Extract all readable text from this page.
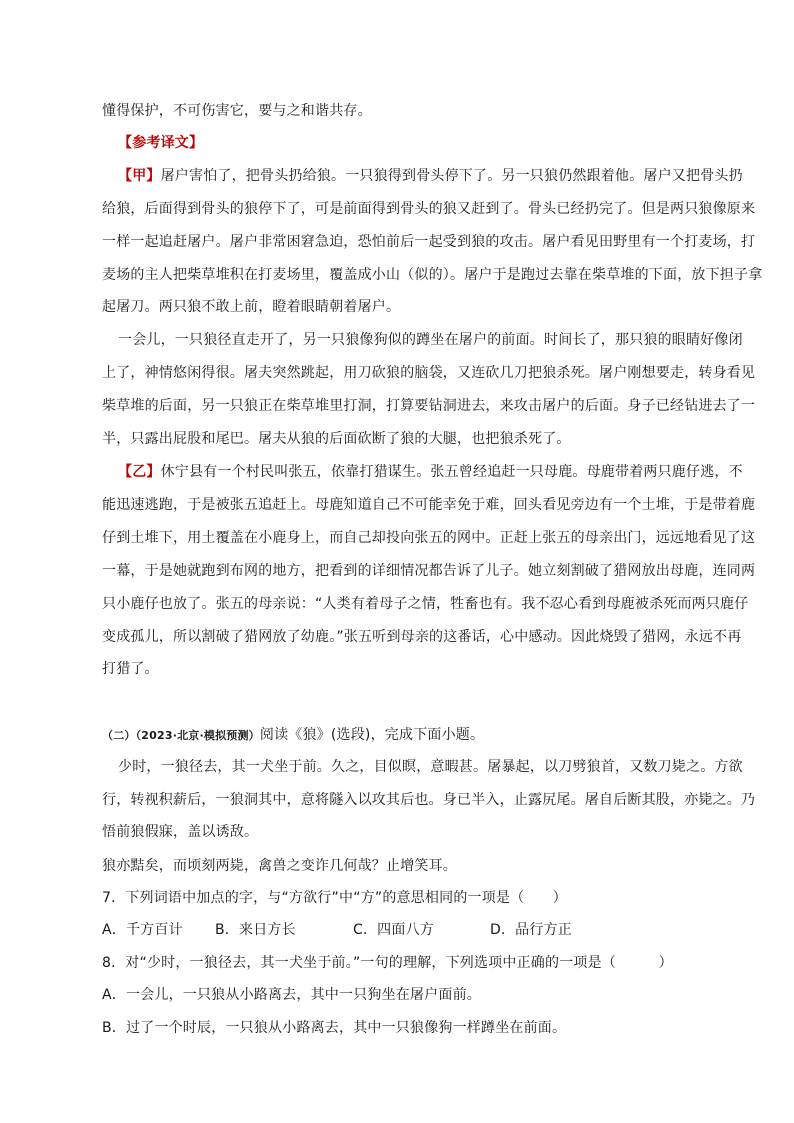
懂得保护，不可伤害它，要与之和谐共存。
【参考译文】
【甲】屠户害怕了，把骨头扔给狼。一只狼得到骨头停下了。另一只狼仍然跟着他。屠户又把骨头扔
给狼，后面得到骨头的狼停下了，可是前面得到骨头的狼又赶到了。骨头已经扔完了。但是两只狼像原来
一样一起追赶屠户。屠户非常困窘急迫，恐怕前后一起受到狼的攻击。屠户看见田野里有一个打麦场，打
麦场的主人把柴草堆积在打麦场里，覆盖成小山（似的）。屠户于是跑过去靠在柴草堆的下面，放下担子拿
起屠刀。两只狼不敢上前，瞪着眼睛朝着屠户。
一会儿，一只狼径直走开了，另一只狼像狗似的蹲坐在屠户的前面。时间长了，那只狼的眼睛好像闭
上了，神情悠闲得很。屠夫突然跳起，用刀砍狼的脑袋，又连砍几刀把狼杀死。屠户刚想要走，转身看见
柴草堆的后面，另一只狼正在柴草堆里打洞，打算要钻洞进去，来攻击屠户的后面。身子已经钻进去了一
半，只露出屁股和尾巴。屠夫从狼的后面砍断了狼的大腿，也把狼杀死了。
【乙】休宁县有一个村民叫张五，依靠打猎谋生。张五曾经追赶一只母鹿。母鹿带着两只鹿仔逃，不
能迅速逃跑，于是被张五追赶上。母鹿知道自己不可能幸免于难，回头看见旁边有一个土堆，于是带着鹿
仔到土堆下，用土覆盖在小鹿身上，而自己却投向张五的网中。正赶上张五的母亲出门，远远地看见了这
一幕，于是她就跑到布网的地方，把看到的详细情况都告诉了儿子。她立刻割破了猎网放出母鹿，连同两
只小鹿仔也放了。张五的母亲说：“人类有着母子之情，牲畜也有。我不忍心看到母鹿被杀死而两只鹿仔
变成孤儿，所以割破了猎网放了幼鹿。”张五听到母亲的这番话，心中感动。因此烧毁了猎网，永远不再
打猎了。
（二）（2023·北京·模拟预测）阅读《狼》(选段)，完成下面小题。
少时，一狼径去，其一犬坐于前。久之，目似瞑，意暇甚。屠暴起，以刀劈狼首，又数刀毙之。方欲
行，转视积薪后，一狼洞其中，意将隧入以攻其后也。身已半入，止露尻尾。屠自后断其股，亦毙之。乃
悟前狼假寐，盖以诱敌。
狼亦黠矣，而顷刻两毙，禽兽之变诈几何哉？止增笑耳。
7．下列词语中加点的字，与“方欲行”中“方”的意思相同的一项是（　　）
A．千方百计 B．来日方长	C．四面八方	D．品行方正
8．对“少时，一狼径去，其一犬坐于前。”一句的理解，下列选项中正确的一项是（　　　）
A．一会儿，一只狼从小路离去，其中一只狗坐在屠户面前。
B．过了一个时辰，一只狼从小路离去，其中一只狼像狗一样蹲坐在前面。
